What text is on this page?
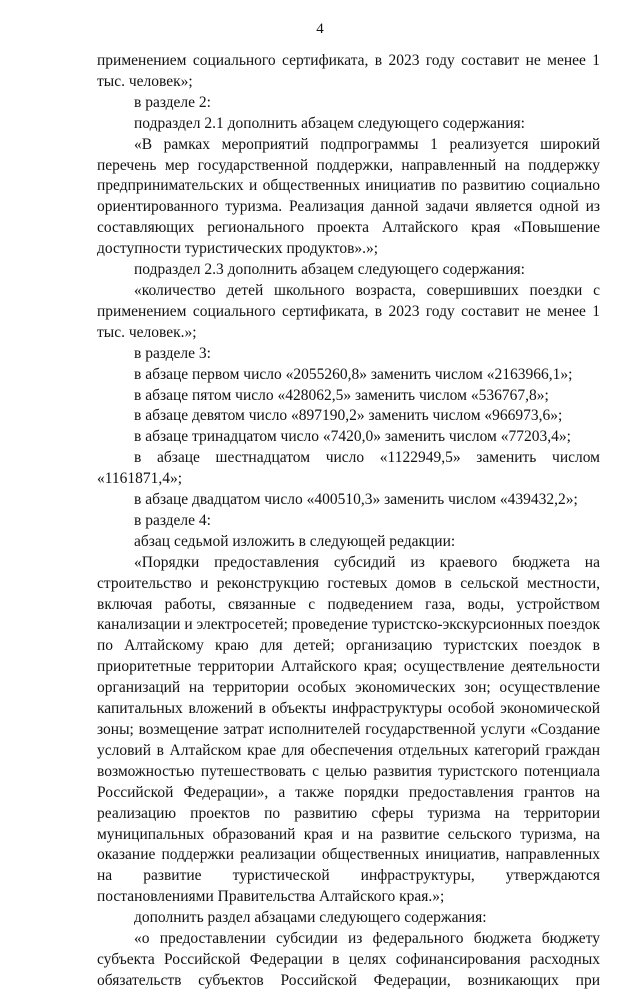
4

применением социального сертификата, в 2023 году составит не менее 1 тыс. человек»;

в разделе 2:

подраздел 2.1 дополнить абзацем следующего содержания:

«В рамках мероприятий подпрограммы 1 реализуется широкий перечень мер государственной поддержки, направленный на поддержку предпринимательских и общественных инициатив по развитию социально ориентированного туризма. Реализация данной задачи является одной из составляющих регионального проекта Алтайского края «Повышение доступности туристических продуктов».»;

подраздел 2.3 дополнить абзацем следующего содержания:

«количество детей школьного возраста, совершивших поездки с применением социального сертификата, в 2023 году составит не менее 1 тыс. человек.»;

в разделе 3:

в абзаце первом число «2055260,8» заменить числом «2163966,1»;

в абзаце пятом число «428062,5» заменить числом «536767,8»;

в абзаце девятом число «897190,2» заменить числом «966973,6»;

в абзаце тринадцатом число «7420,0» заменить числом «77203,4»;

в абзаце шестнадцатом число «1122949,5» заменить числом «1161871,4»;

в абзаце двадцатом число «400510,3» заменить числом «439432,2»;

в разделе 4:

абзац седьмой изложить в следующей редакции:

«Порядки предоставления субсидий из краевого бюджета на строительство и реконструкцию гостевых домов в сельской местности, включая работы, связанные с подведением газа, воды, устройством канализации и электросетей; проведение туристско-экскурсионных поездок по Алтайскому краю для детей; организацию туристских поездок в приоритетные территории Алтайского края; осуществление деятельности организаций на территории особых экономических зон; осуществление капитальных вложений в объекты инфраструктуры особой экономической зоны; возмещение затрат исполнителей государственной услуги «Создание условий в Алтайском крае для обеспечения отдельных категорий граждан возможностью путешествовать с целью развития туристского потенциала Российской Федерации», а также порядки предоставления грантов на реализацию проектов по развитию сферы туризма на территории муниципальных образований края и на развитие сельского туризма, на оказание поддержки реализации общественных инициатив, направленных на развитие туристической инфраструктуры, утверждаются постановлениями Правительства Алтайского края.»;

дополнить раздел абзацами следующего содержания:

«о предоставлении субсидии из федерального бюджета бюджету субъекта Российской Федерации в целях софинансирования расходных обязательств субъектов Российской Федерации, возникающих при
